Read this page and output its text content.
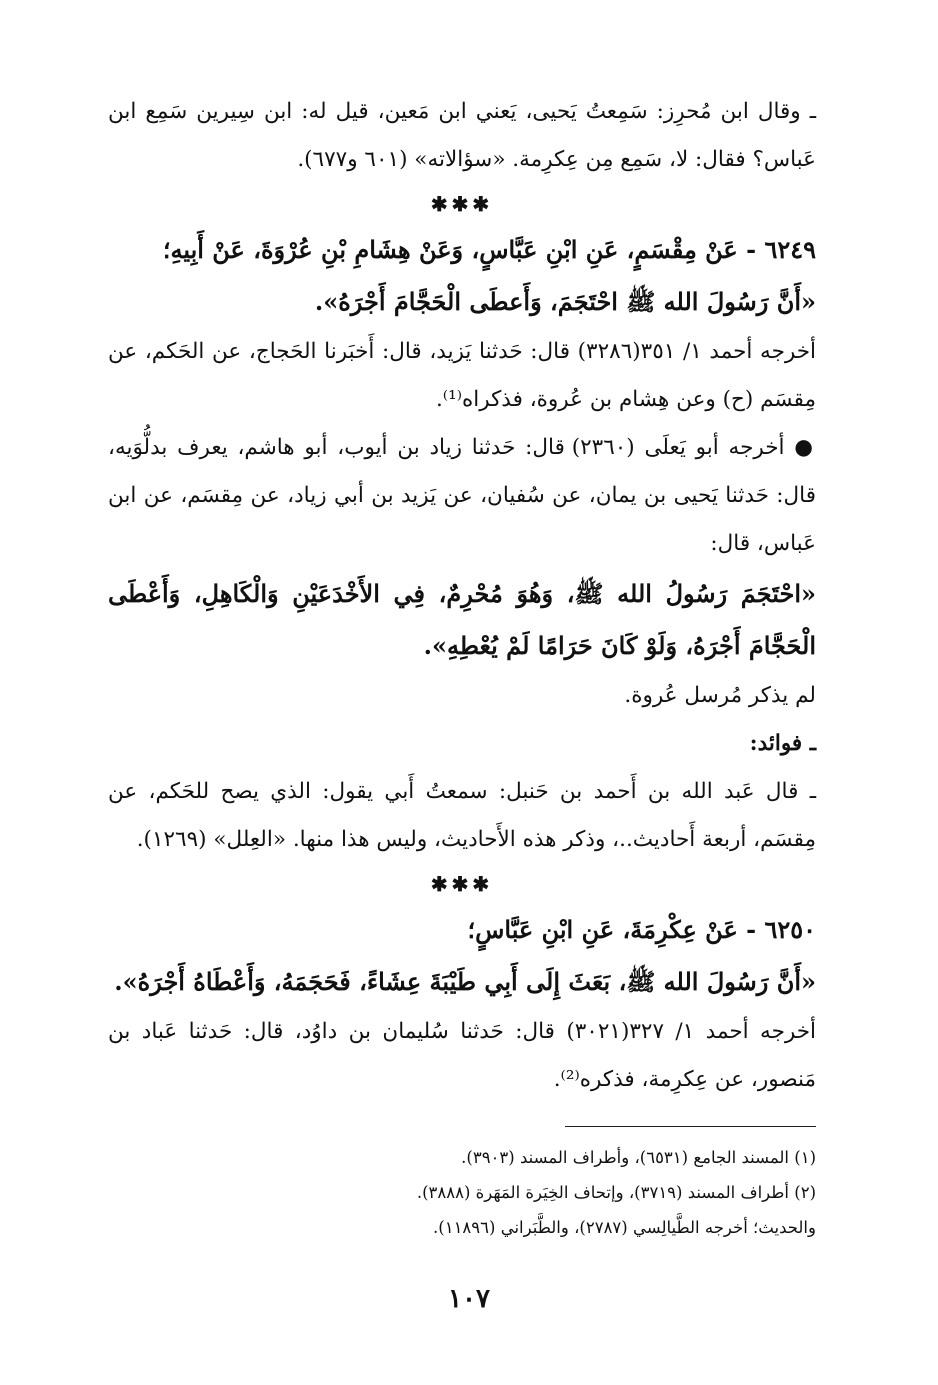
ـ وقال ابن مُحرِز: سَمِعتُ يَحيى، يَعني ابن مَعين، قيل له: ابن سِيرين سَمِع ابن عَباس؟ فقال: لا، سَمِع مِن عِكرِمة. «سؤالاته» (٦٠١ و٦٧٧).

✱✱✱

٦٢٤٩ - عَنْ مِقْسَمٍ، عَنِ ابْنِ عَبَّاسٍ، وَعَنْ هِشَامِ بْنِ عُرْوَةَ، عَنْ أَبِيهِ؛

«أَنَّ رَسُولَ الله ﷺ احْتَجَمَ، وَأَعطَى الْحَجَّامَ أَجْرَهُ».

أخرجه أحمد ١/ ٣٥١(٣٢٨٦) قال: حَدثنا يَزيد، قال: أَخبَرنا الحَجاج، عن الحَكم، عن مِقسَم (ح) وعن هِشام بن عُروة، فذكراه⁽¹⁾.

● أخرجه أبو يَعلَى (٢٣٦٠) قال: حَدثنا زياد بن أيوب، أبو هاشم، يعرف بدلُّوَيه، قال: حَدثنا يَحيى بن يمان، عن سُفيان، عن يَزيد بن أبي زياد، عن مِقسَم، عن ابن عَباس، قال:

«احْتَجَمَ رَسُولُ الله ﷺ، وَهُوَ مُحْرِمٌ، فِي الأَخْدَعَيْنِ وَالْكَاهِلِ، وَأَعْطَى الْحَجَّامَ أَجْرَهُ، وَلَوْ كَانَ حَرَامًا لَمْ يُعْطِهِ».

لم يذكر مُرسل عُروة.

ـ فوائد:

ـ قال عَبد الله بن أَحمد بن حَنبل: سمعتُ أَبي يقول: الذي يصح للحَكم، عن مِقسَم، أربعة أَحاديث..، وذكر هذه الأَحاديث، وليس هذا منها. «العِلل» (١٢٦٩).

✱✱✱

٦٢٥٠ - عَنْ عِكْرِمَةَ، عَنِ ابْنِ عَبَّاسٍ؛

«أَنَّ رَسُولَ الله ﷺ، بَعَثَ إِلَى أَبِي طَيْبَةَ عِشَاءً، فَحَجَمَهُ، وَأَعْطَاهُ أَجْرَهُ».

أخرجه أحمد ١/ ٣٢٧(٣٠٢١) قال: حَدثنا سُليمان بن داوُد، قال: حَدثنا عَباد بن مَنصور، عن عِكرِمة، فذكره⁽²⁾.

(١) المسند الجامع (٦٥٣١)، وأطراف المسند (٣٩٠٣).

(٢) أطراف المسند (٣٧١٩)، وإتحاف الخِيَرة المَهَرة (٣٨٨٨).

والحديث؛ أخرجه الطَّيالِسي (٢٧٨٧)، والطَّبَراني (١١٨٩٦).

١٠٧
